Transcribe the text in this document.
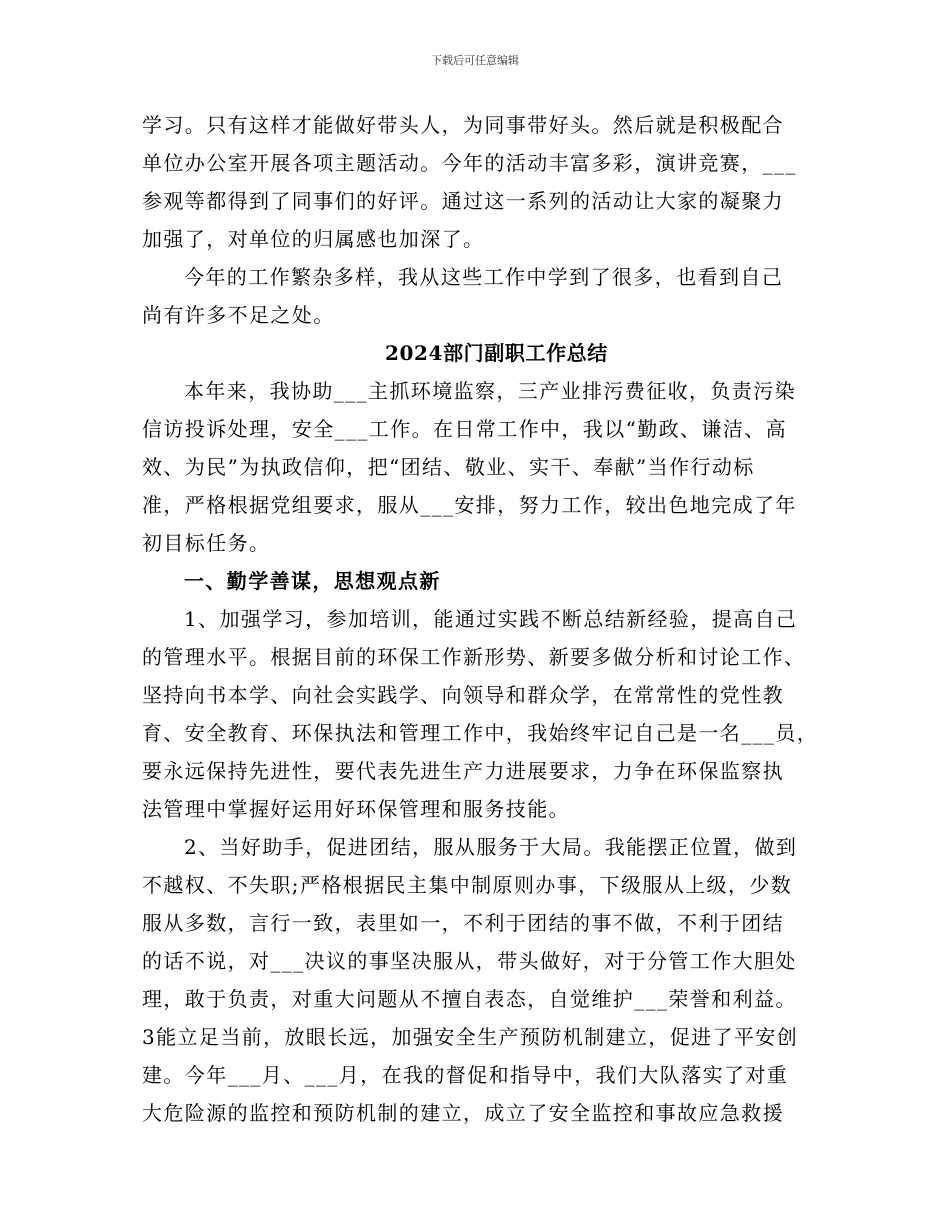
下载后可任意编辑
学习。只有这样才能做好带头人，为同事带好头。然后就是积极配合
单位办公室开展各项主题活动。今年的活动丰富多彩，演讲竞赛，___
参观等都得到了同事们的好评。通过这一系列的活动让大家的凝聚力
加强了，对单位的归属感也加深了。
今年的工作繁杂多样，我从这些工作中学到了很多，也看到自己
尚有许多不足之处。
2024部门副职工作总结
本年来，我协助___主抓环境监察，三产业排污费征收，负责污染
信访投诉处理，安全___工作。在日常工作中，我以“勤政、谦洁、高
效、为民”为执政信仰，把“团结、敬业、实干、奉献”当作行动标
准，严格根据党组要求，服从___安排，努力工作，较出色地完成了年
初目标任务。
一、勤学善谋，思想观点新
1、加强学习，参加培训，能通过实践不断总结新经验，提高自己
的管理水平。根据目前的环保工作新形势、新要多做分析和讨论工作、
坚持向书本学、向社会实践学、向领导和群众学，在常常性的党性教
育、安全教育、环保执法和管理工作中，我始终牢记自己是一名___员，
要永远保持先进性，要代表先进生产力进展要求，力争在环保监察执
法管理中掌握好运用好环保管理和服务技能。
2、当好助手，促进团结，服从服务于大局。我能摆正位置，做到
不越权、不失职;严格根据民主集中制原则办事，下级服从上级，少数
服从多数，言行一致，表里如一，不利于团结的事不做，不利于团结
的话不说，对___决议的事坚决服从，带头做好，对于分管工作大胆处
理，敢于负责，对重大问题从不擅自表态，自觉维护___荣誉和利益。
3能立足当前，放眼长远，加强安全生产预防机制建立，促进了平安创
建。今年___月、___月，在我的督促和指导中，我们大队落实了对重
大危险源的监控和预防机制的建立，成立了安全监控和事故应急救援
